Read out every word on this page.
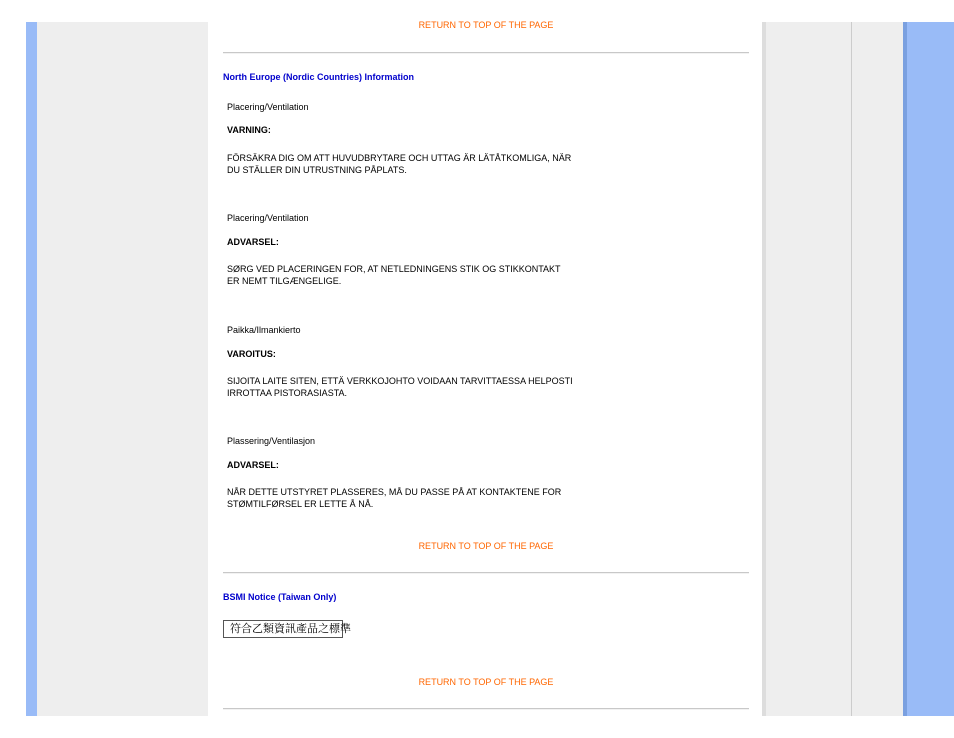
RETURN TO TOP OF THE PAGE
North Europe (Nordic Countries) Information
Placering/Ventilation
VARNING:
FÖRSÄKRA DIG OM ATT HUVUDBRYTARE OCH UTTAG ÄR LÄTÅTKOMLIGA, NÄR
DU STÄLLER DIN UTRUSTNING PÅPLATS.
Placering/Ventilation
ADVARSEL:
SØRG VED PLACERINGEN FOR, AT NETLEDNINGENS STIK OG STIKKONTAKT
ER NEMT TILGÆNGELIGE.
Paikka/Ilmankierto
VAROITUS:
SIJOITA LAITE SITEN, ETTÄ VERKKOJOHTO VOIDAAN TARVITTAESSA HELPOSTI
IRROTTAA PISTORASIASTA.
Plassering/Ventilasjon
ADVARSEL:
NÅR DETTE UTSTYRET PLASSERES, MÅ DU PASSE PÅ AT KONTAKTENE FOR
STØMTILFØRSEL ER LETTE Å NÅ.
RETURN TO TOP OF THE PAGE
BSMI Notice (Taiwan Only)
符合乙類資訊產品之標準
RETURN TO TOP OF THE PAGE
